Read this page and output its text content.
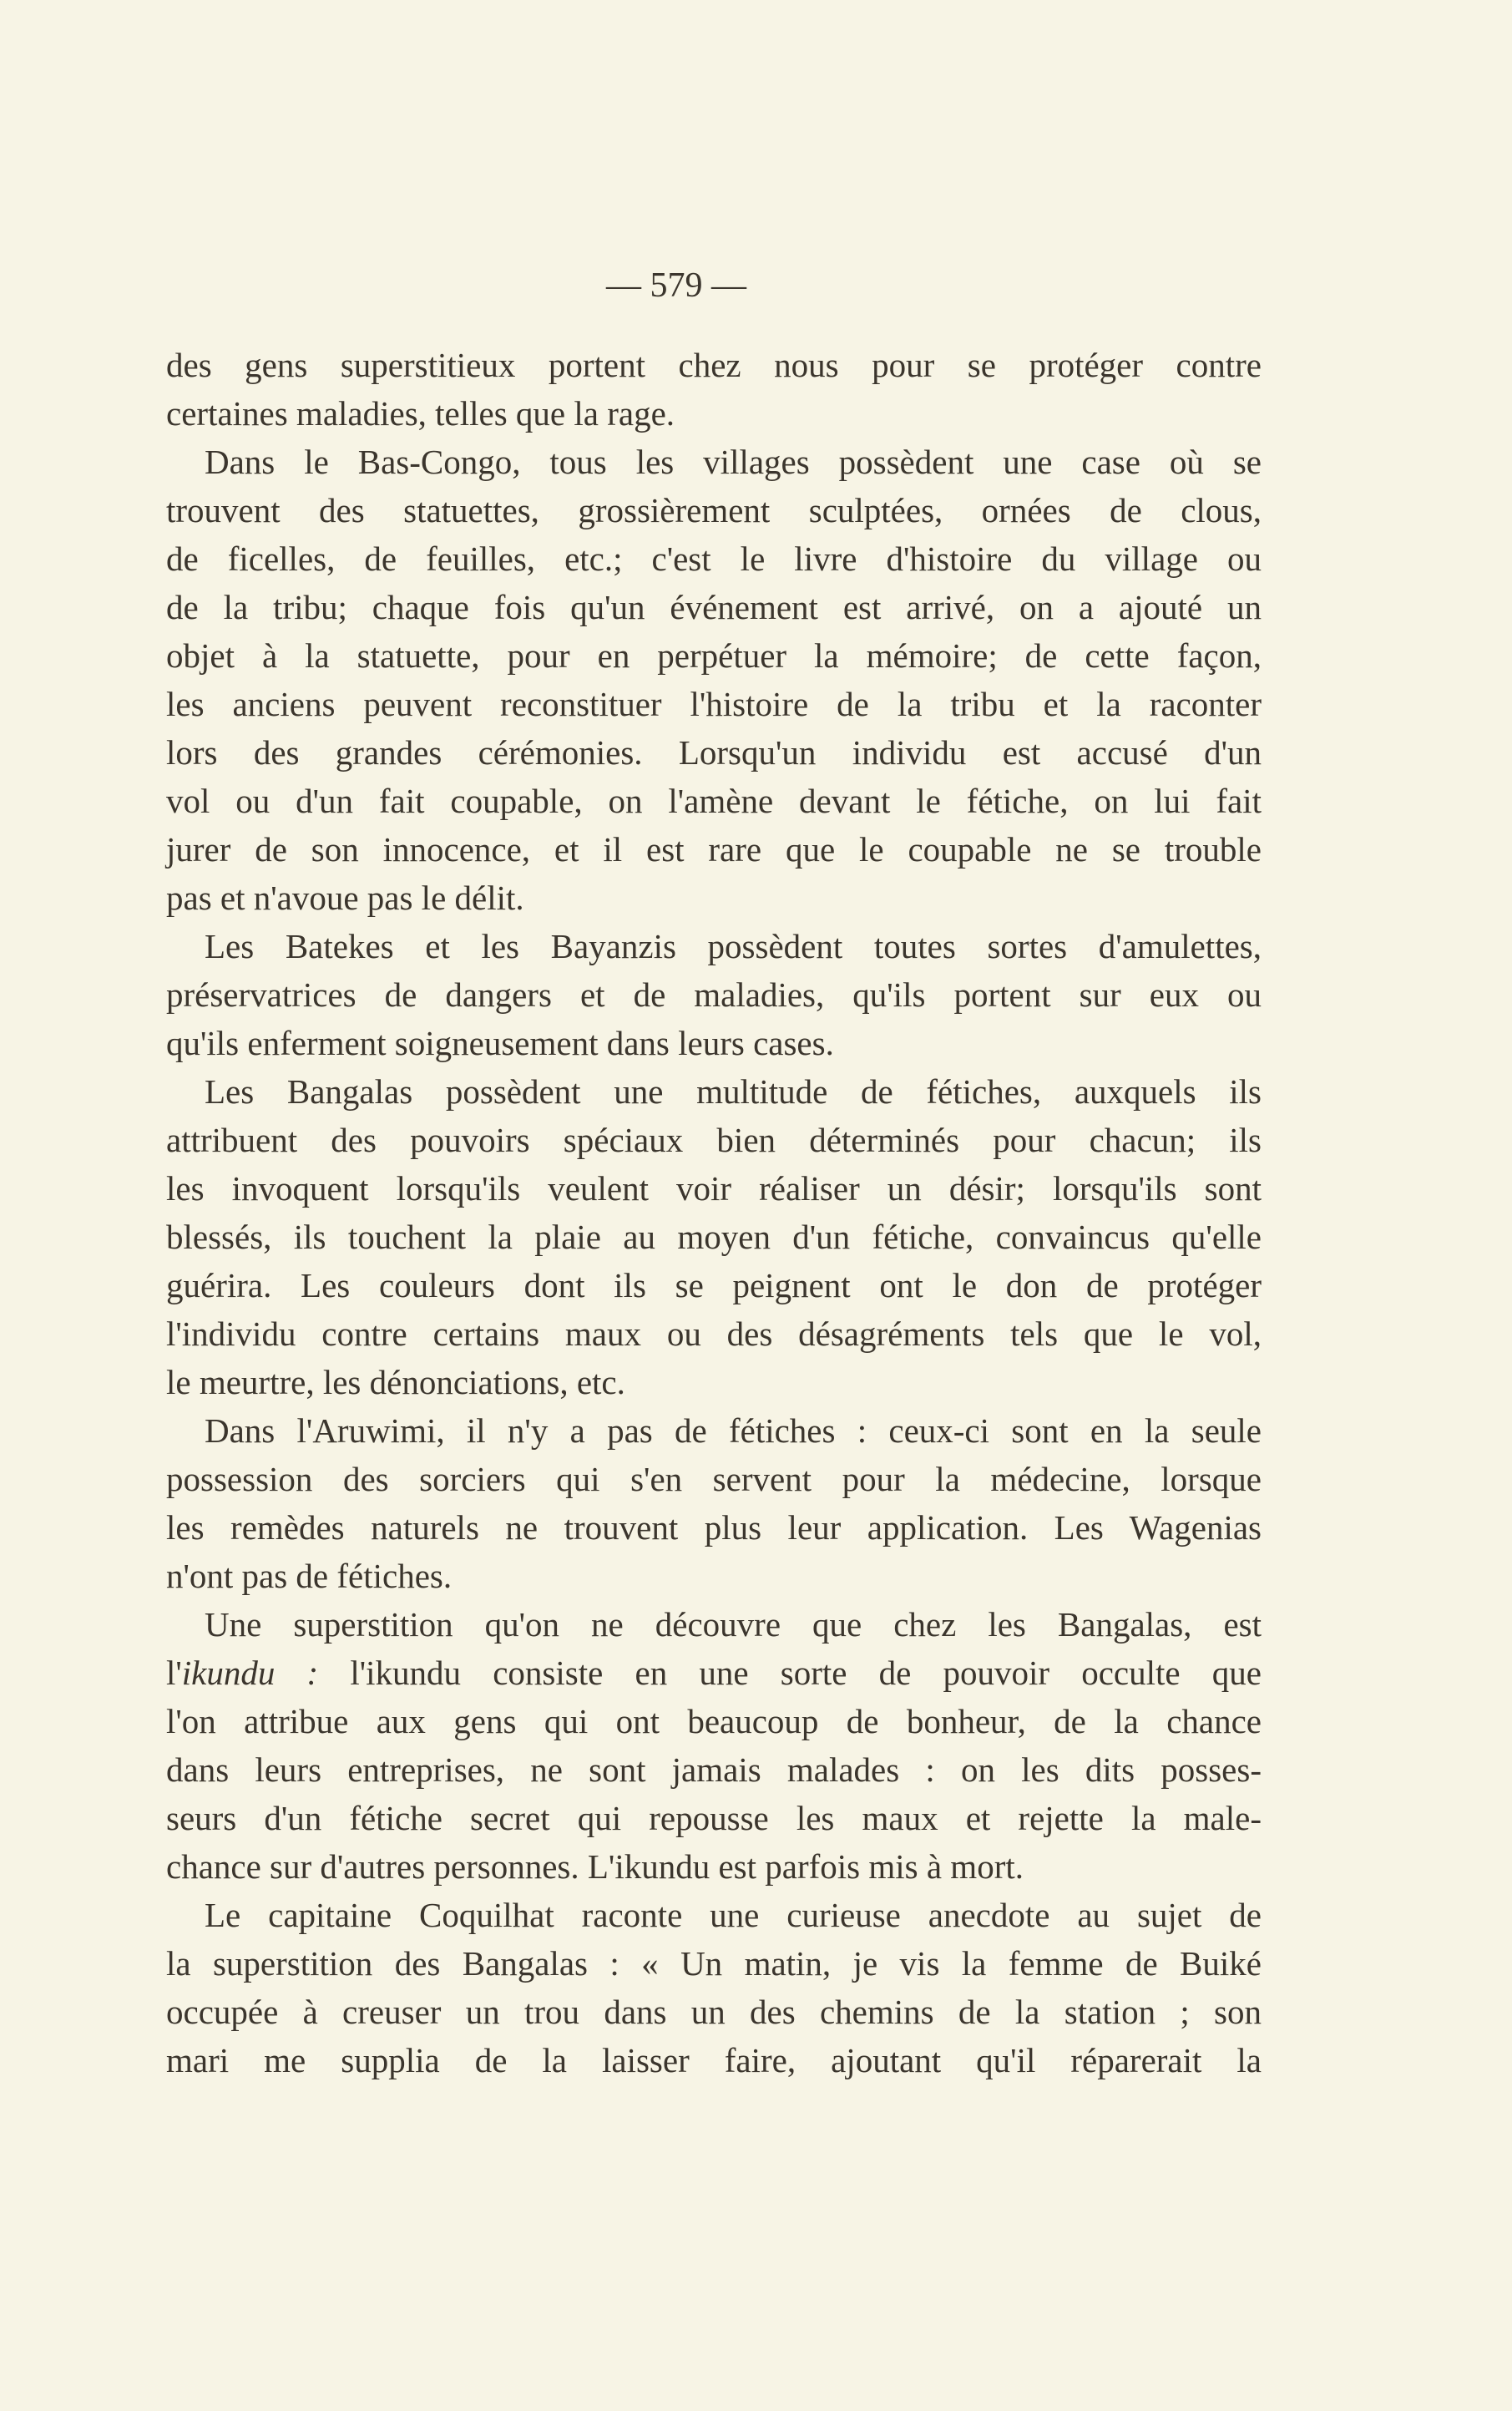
— 579 —
des gens superstitieux portent chez nous pour se protéger contre
certaines maladies, telles que la rage.
Dans le Bas-Congo, tous les villages possèdent une case où se
trouvent des statuettes, grossièrement sculptées, ornées de clous,
de ficelles, de feuilles, etc.; c'est le livre d'histoire du village ou
de la tribu; chaque fois qu'un événement est arrivé, on a ajouté un
objet à la statuette, pour en perpétuer la mémoire; de cette façon,
les anciens peuvent reconstituer l'histoire de la tribu et la raconter
lors des grandes cérémonies. Lorsqu'un individu est accusé d'un
vol ou d'un fait coupable, on l'amène devant le fétiche, on lui fait
jurer de son innocence, et il est rare que le coupable ne se trouble
pas et n'avoue pas le délit.
Les Batekes et les Bayanzis possèdent toutes sortes d'amulettes,
préservatrices de dangers et de maladies, qu'ils portent sur eux ou
qu'ils enferment soigneusement dans leurs cases.
Les Bangalas possèdent une multitude de fétiches, auxquels ils
attribuent des pouvoirs spéciaux bien déterminés pour chacun; ils
les invoquent lorsqu'ils veulent voir réaliser un désir; lorsqu'ils sont
blessés, ils touchent la plaie au moyen d'un fétiche, convaincus qu'elle
guérira. Les couleurs dont ils se peignent ont le don de protéger
l'individu contre certains maux ou des désagréments tels que le vol,
le meurtre, les dénonciations, etc.
Dans l'Aruwimi, il n'y a pas de fétiches : ceux-ci sont en la seule
possession des sorciers qui s'en servent pour la médecine, lorsque
les remèdes naturels ne trouvent plus leur application. Les Wagenias
n'ont pas de fétiches.
Une superstition qu'on ne découvre que chez les Bangalas, est
l'ikundu : l'ikundu consiste en une sorte de pouvoir occulte que
l'on attribue aux gens qui ont beaucoup de bonheur, de la chance
dans leurs entreprises, ne sont jamais malades : on les dits posses-
seurs d'un fétiche secret qui repousse les maux et rejette la male-
chance sur d'autres personnes. L'ikundu est parfois mis à mort.
Le capitaine Coquilhat raconte une curieuse anecdote au sujet de
la superstition des Bangalas : « Un matin, je vis la femme de Buiké
occupée à creuser un trou dans un des chemins de la station ; son
mari me supplia de la laisser faire, ajoutant qu'il réparerait la
